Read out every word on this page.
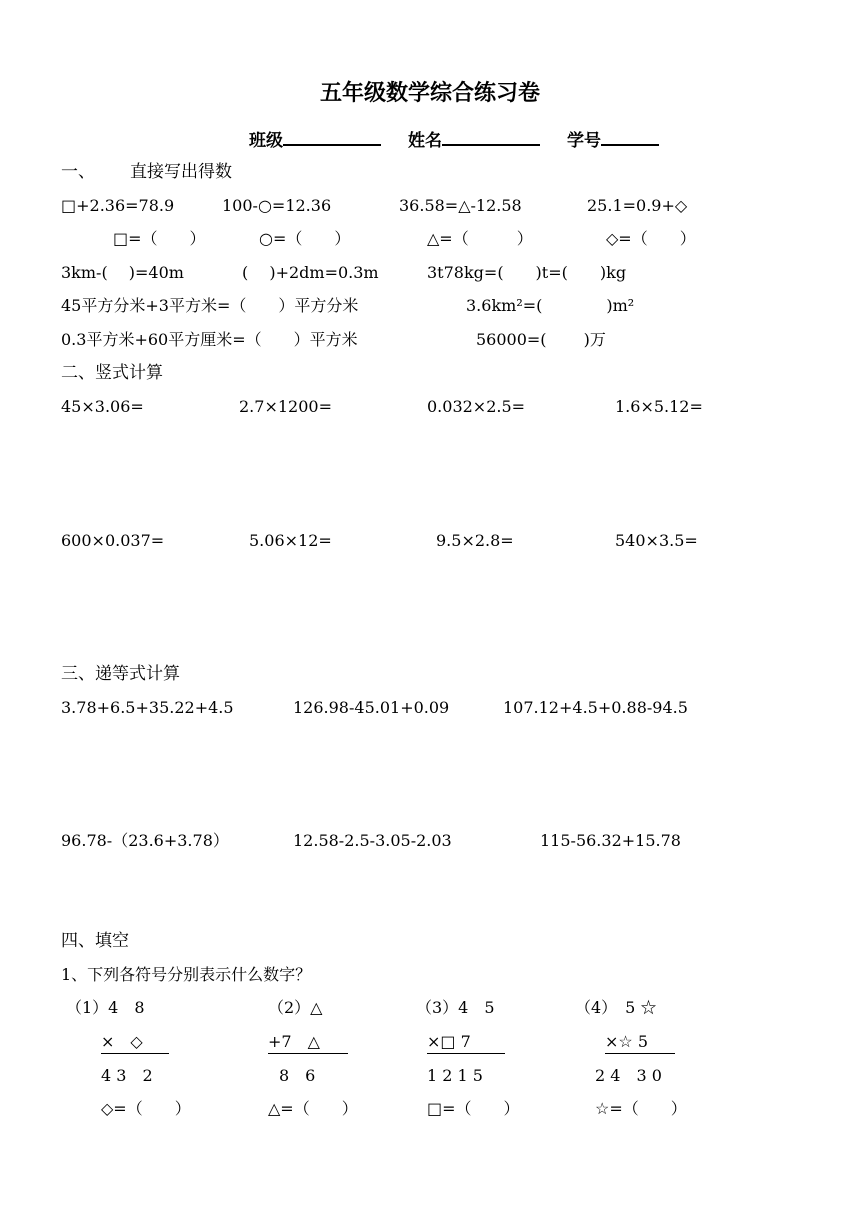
五年级数学综合练习卷
班级	姓名	学号
一、 直接写出得数
□+2.36=78.9	100-○=12.36	36.58=△-12.58	25.1=0.9+◇
□=（　　）	○=（　　）	△=（　　　）	◇=（　　）
3km-(　 )=40m	(　 )+2dm=0.3m	3t78kg=(　　)t=(　　)kg
45平方分米+3平方米=（　　）平方分米	3.6km²=(　　　　)m²
0.3平方米+60平方厘米=（　　）平方米	56000=(　　 )万
二、竖式计算
45×3.06=	2.7×1200=	0.032×2.5=	1.6×5.12=
600×0.037=	5.06×12=	9.5×2.8=	540×3.5=
三、递等式计算
3.78+6.5+35.22+4.5	126.98-45.01+0.09	107.12+4.5+0.88-94.5
96.78-（23.6+3.78）	12.58-2.5-3.05-2.03	115-56.32+15.78
四、填空
1、下列各符号分别表示什么数字？
（1）4　8
×　◇
4 3　2
◇=（　　）
（2）△
+7　△
8　6
△=（　　）
（3）4　5
×□ 7
1 2 1 5
□=（　　）
（4）　5 ☆
×☆ 5
2 4　3 0
☆=（　　）
